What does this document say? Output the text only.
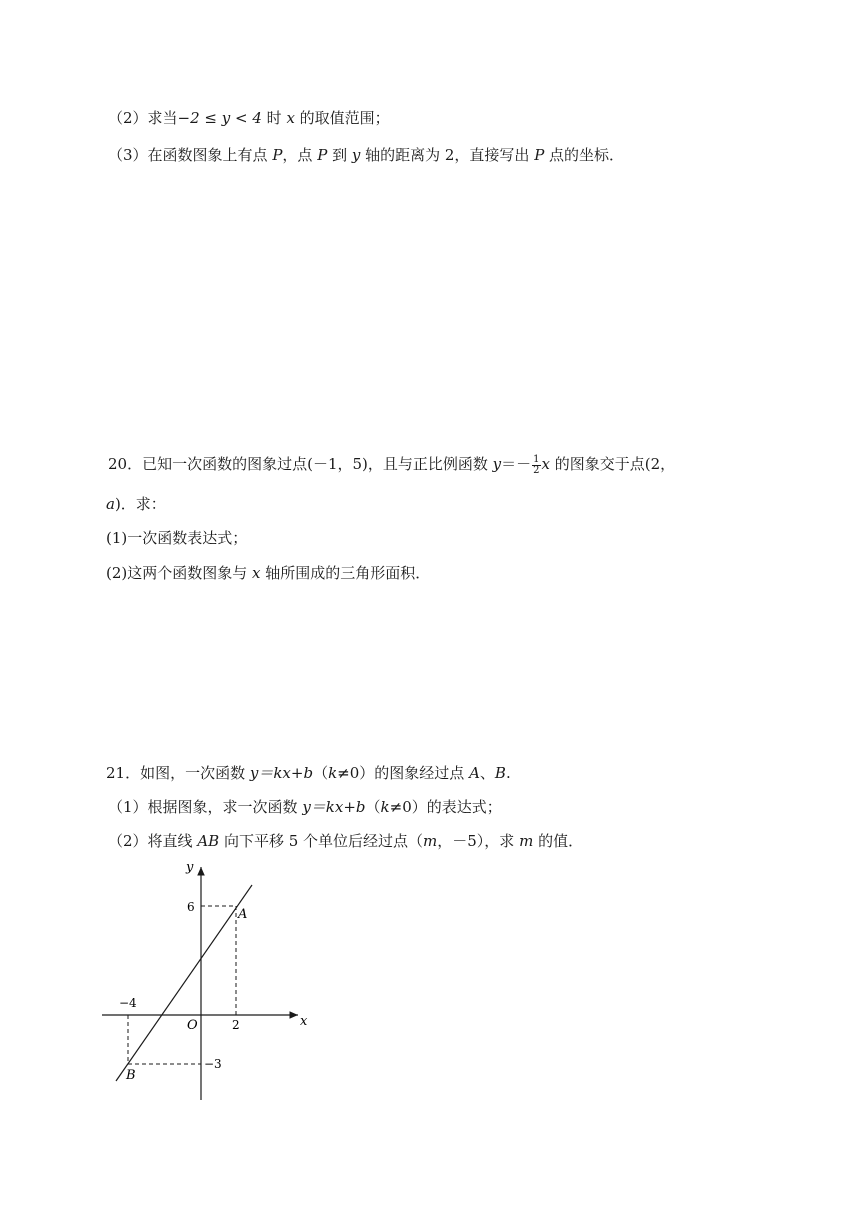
（2）求当−2 ≤ y < 4 时 x 的取值范围；
（3）在函数图象上有点 P，点 P 到 y 轴的距离为 2，直接写出 P 点的坐标．
20．已知一次函数的图象过点(－1，5)，且与正比例函数 $y=- \frac{1}{2}$ x 的图象交于点(2，
a)．求：
(1)一次函数表达式；
(2)这两个函数图象与 x 轴所围成的三角形面积．
21．如图，一次函数 y＝kx+b（k≠0）的图象经过点 A、B.
（1）根据图象，求一次函数 y＝kx+b（k≠0）的表达式；
（2）将直线 AB 向下平移 5 个单位后经过点（m，－5），求 m 的值．
y
x
O
6
2
−4
−3
A
B
